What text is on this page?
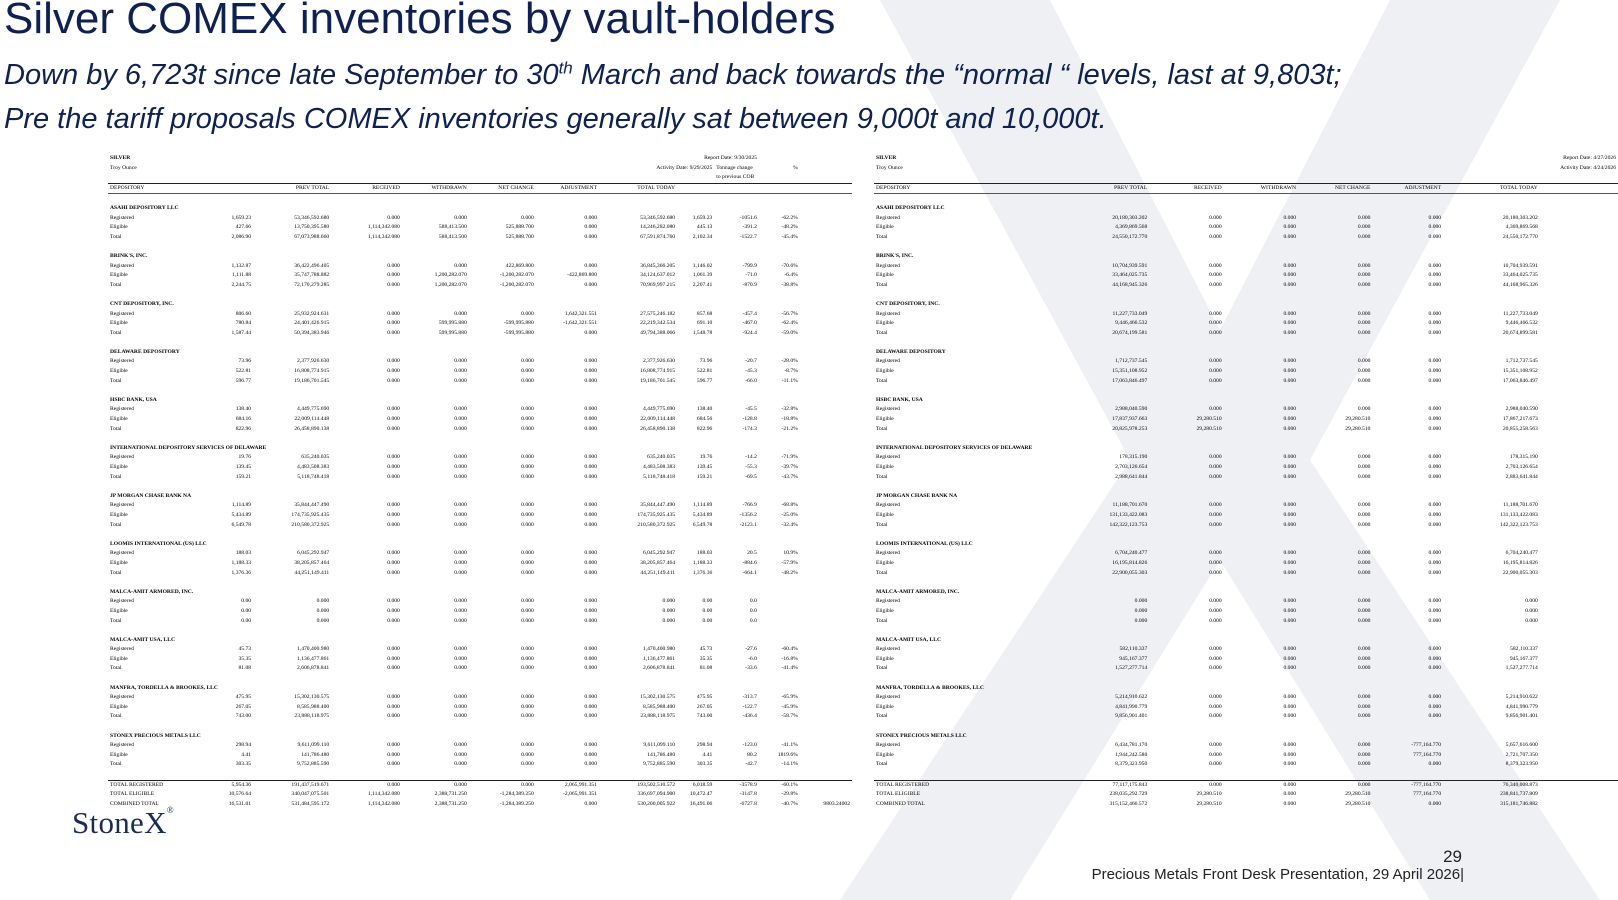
Silver COMEX inventories by vault-holders
Down by 6,723t since late September to 30th March and back towards the “normal “ levels, last at 9,803t;
Pre the tariff proposals COMEX inventories generally sat between 9,000t and 10,000t.
SILVER								Report Date: 9/30/2025			
Troy Ounce							Activity Date: 9/29/2025		Tonnage change	%	
									to previous COB		
DEPOSITORY		PREV TOTAL	RECEIVED	WITHDRAWN	NET CHANGE	ADJUSTMENT	TOTAL TODAY				

ASAHI DEPOSITORY LLC											
Registered	1,659.23	53,346,592.680	0.000	0.000	0.000	0.000	53,346,592.680	1,659.23	-1051.6	-62.2%	
Eligible	427.66	13,750,395.580	1,114,342.080	588,413.500	525,888.700	0.000	14,246,282.080	445.13	-391.2	-48.2%	
Total	2,086.90	67,073,988.660	1,114,342.080	588,413.500	525,888.700	0.000	67,591,874.760	2,102.34	-1522.7	-45.4%	

BRINK'S, INC.											
Registered	1,132.87	36,422,496.405	0.000	0.000	422,869.800	0.000	36,845,366.205	1,146.02	-799.9	-70.6%	
Eligible	1,111.88	35,747,788.882	0.000	1,200,282.070	-1,200,282.070	-422,869.800	34,124,637.012	1,061.39	-71.0	-6.4%	
Total	2,244.75	72,170,279.285	0.000	1,200,282.070	-1,200,282.070	0.000	70,969,997.215	2,207.41	-870.9	-38.8%	

CNT DEPOSITORY, INC.											
Registered	806.60	25,932,924.631	0.000	0.000	0.000	1,642,321.551	27,575,246.182	857.68	-457.4	-56.7%	
Eligible	780.84	24,401,426.915	0.000	599,995.880	-599,995.880	-1,642,321.551	22,219,342.534	691.10	-467.0	-62.4%	
Total	1,587.44	50,394,383.946	0.000	599,995.880	-599,995.880	0.000	49,794,388.066	1,548.78	-924.4	-59.0%	

DELAWARE DEPOSITORY											
Registered	73.96	2,377,926.630	0.000	0.000	0.000	0.000	2,377,926.630	73.96	-20.7	-28.0%	
Eligible	522.81	16,808,774.915	0.000	0.000	0.000	0.000	16,808,774.915	522.81	-45.3	-8.7%	
Total	596.77	19,186,701.545	0.000	0.000	0.000	0.000	19,186,701.545	596.77	-66.0	-11.1%	

HSBC BANK, USA											
Registered	138.40	4,449,775.690	0.000	0.000	0.000	0.000	4,449,775.690	138.40	-45.5	-32.8%	
Eligible	684.16	22,009,114.448	0.000	0.000	0.000	0.000	22,009,114.448	684.56	-128.8	-18.8%	
Total	822.96	26,458,890.138	0.000	0.000	0.000	0.000	26,458,890.138	822.96	-174.3	-21.2%	

INTERNATIONAL DEPOSITORY SERVICES OF DELAWARE											
Registered	19.76	635,240.035	0.000	0.000	0.000	0.000	635,240.035	19.76	-14.2	-71.9%	
Eligible	139.45	4,483,508.383	0.000	0.000	0.000	0.000	4,483,508.383	139.45	-55.3	-39.7%	
Total	159.21	5,118,748.418	0.000	0.000	0.000	0.000	5,118,748.418	159.21	-69.5	-43.7%	

JP MORGAN CHASE BANK NA											
Registered	1,114.89	35,844,447.490	0.000	0.000	0.000	0.000	35,844,447.490	1,114.89	-766.9	-68.8%	
Eligible	5,434.89	174,735,925.435	0.000	0.000	0.000	0.000	174,735,925.435	5,434.89	-1356.2	-25.0%	
Total	6,549.78	210,580,372.925	0.000	0.000	0.000	0.000	210,580,372.925	6,549.78	-2123.1	-32.4%	

LOOMIS INTERNATIONAL (US) LLC											
Registered	188.03	6,045,292.947	0.000	0.000	0.000	0.000	6,045,292.947	188.03	20.5	10.9%	
Eligible	1,188.33	38,205,857.464	0.000	0.000	0.000	0.000	38,205,857.464	1,188.33	-884.6	-57.9%	
Total	1,376.36	44,251,149.411	0.000	0.000	0.000	0.000	44,251,149.411	1,376.36	-664.1	-48.2%	

MALCA-AMIT ARMORED, INC.											
Registered	0.00	0.000	0.000	0.000	0.000	0.000	0.000	0.00	0.0		
Eligible	0.00	0.000	0.000	0.000	0.000	0.000	0.000	0.00	0.0		
Total	0.00	0.000	0.000	0.000	0.000	0.000	0.000	0.00	0.0		

MALCA-AMIT USA, LLC											
Registered	45.73	1,470,400.980	0.000	0.000	0.000	0.000	1,470,400.980	45.73	-27.6	-60.4%	
Eligible	35.35	1,136,477.861	0.000	0.000	0.000	0.000	1,136,477.861	35.35	-6.0	-16.8%	
Total	81.08	2,606,878.841	0.000	0.000	0.000	0.000	2,606,878.841	81.08	-33.6	-41.4%	

MANFRA, TORDELLA & BROOKES, LLC											
Registered	475.95	15,302,130.575	0.000	0.000	0.000	0.000	15,302,130.575	475.95	-313.7	-65.9%	
Eligible	267.05	8,585,988.400	0.000	0.000	0.000	0.000	8,585,988.400	267.05	-122.7	-45.9%	
Total	743.00	23,888,118.975	0.000	0.000	0.000	0.000	23,888,118.975	743.00	-436.4	-58.7%	

STONEX PRECIOUS METALS LLC											
Registered	298.94	9,611,099.110	0.000	0.000	0.000	0.000	9,611,099.110	298.94	-123.0	-41.1%	
Eligible	4.41	141,786.480	0.000	0.000	0.000	0.000	141,786.480	4.41	80.2	1819.6%	
Total	303.35	9,752,885.590	0.000	0.000	0.000	0.000	9,752,885.590	303.35	-42.7	-14.1%	

TOTAL REGISTERED	5,954.36	191,437,519.671	0.000	0.000	0.000	2,065,991.351	193,502,510.572	6,018.59	-3578.9	-60.1%	
TOTAL ELIGIBLE	10,576.64	340,047,075.501	1,114,342.080	2,388,731.250	-1,284,389.250	-2,065,991.351	336,697,094.900	10,472.47	-3147.8	-29.8%	
COMBINED TOTAL	16,531.01	531,484,595.172	1,114,342.080	2,388,731.250	-1,284,389.250	0.000	530,200,005.922	16,491.06	-6727.8	-40.7%	9803.24002
SILVER								Report Date: 4/27/2026
Troy Ounce								Activity Date: 4/24/2026

DEPOSITORY		PREV TOTAL	RECEIVED	WITHDRAWN	NET CHANGE	ADJUSTMENT	TOTAL TODAY	

ASAHI DEPOSITORY LLC								
Registered		20,180,303.202	0.000	0.000	0.000	0.000	20,180,303.202	
Eligible		4,369,869.568	0.000	0.000	0.000	0.000	4,369,869.568	
Total		24,550,172.770	0.000	0.000	0.000	0.000	24,550,172.770	

BRINK'S, INC.								
Registered		10,704,939.591	0.000	0.000	0.000	0.000	10,704,939.591	
Eligible		33,464,025.735	0.000	0.000	0.000	0.000	33,464,025.735	
Total		44,168,945.326	0.000	0.000	0.000	0.000	44,168,965.326	

CNT DEPOSITORY, INC.								
Registered		11,227,733.049	0.000	0.000	0.000	0.000	11,227,733.049	
Eligible		9,446,466.532	0.000	0.000	0.000	0.000	9,446,466.532	
Total		20,674,199.581	0.000	0.000	0.000	0.000	20,674,899.581	

DELAWARE DEPOSITORY								
Registered		1,712,737.545	0.000	0.000	0.000	0.000	1,712,737.545	
Eligible		15,351,108.952	0.000	0.000	0.000	0.000	15,351,108.952	
Total		17,063,846.497	0.000	0.000	0.000	0.000	17,063,846.497	

HSBC BANK, USA								
Registered		2,988,040.590	0.000	0.000	0.000	0.000	2,988,040.590	
Eligible		17,837,937.663	29,280.510	0.000	29,280.510	0.000	17,867,217.673	
Total		20,825,978.253	29,280.510	0.000	29,280.510	0.000	20,855,258.563	

INTERNATIONAL DEPOSITORY SERVICES OF DELAWARE								
Registered		178,315.190	0.000	0.000	0.000	0.000	178,315.190	
Eligible		2,703,126.654	0.000	0.000	0.000	0.000	2,703,126.654	
Total		2,988,641.844	0.000	0.000	0.000	0.000	2,883,641.844	

JP MORGAN CHASE BANK NA								
Registered		11,188,701.670	0.000	0.000	0.000	0.000	11,188,701.670	
Eligible		131,133,422.083	0.000	0.000	0.000	0.000	131,133,422.083	
Total		142,322,123.753	0.000	0.000	0.000	0.000	142,322,123.753	

LOOMIS INTERNATIONAL (US) LLC								
Registered		6,704,240.477	0.000	0.000	0.000	0.000	6,704,240.477	
Eligible		16,195,814.826	0.000	0.000	0.000	0.000	16,195,814.826	
Total		22,900,055.303	0.000	0.000	0.000	0.000	22,900,055.303	

MALCA-AMIT ARMORED, INC.								
Registered		0.000	0.000	0.000	0.000	0.000	0.000	
Eligible		0.000	0.000	0.000	0.000	0.000	0.000	
Total		0.000	0.000	0.000	0.000	0.000	0.000	

MALCA-AMIT USA, LLC								
Registered		582,110.337	0.000	0.000	0.000	0.000	582,110.337	
Eligible		945,167.377	0.000	0.000	0.000	0.000	945,167.377	
Total		1,527,277.714	0.000	0.000	0.000	0.000	1,527,277.714	

MANFRA, TORDELLA & BROOKES, LLC								
Registered		5,214,910.622	0.000	0.000	0.000	0.000	5,214,910.622	
Eligible		4,841,990.779	0.000	0.000	0.000	0.000	4,841,990.779	
Total		9,856,901.401	0.000	0.000	0.000	0.000	9,856,901.401	

STONEX PRECIOUS METALS LLC								
Registered		6,434,781.170	0.000	0.000	0.000	-777,164.770	5,657,616.600	
Eligible		1,944,242.580	0.000	0.000	0.000	777,164.770	2,721,707.350	
Total		8,379,323.950	0.000	0.000	0.000	0.000	8,379,323.950	

TOTAL REGISTERED		77,117,175.843	0.000	0.000	0.000	-777,164.770	76,340,008.873	
TOTAL ELIGIBLE		238,035,292.729	29,280.510	0.000	29,280.510	777,164.770	238,841,737.809	
COMBINED TOTAL		315,152,466.572	29,280.510	0.000	29,280.510	0.000	315,181,746.882	
StoneX®
29
Precious Metals Front Desk Presentation, 29 April 2026|
